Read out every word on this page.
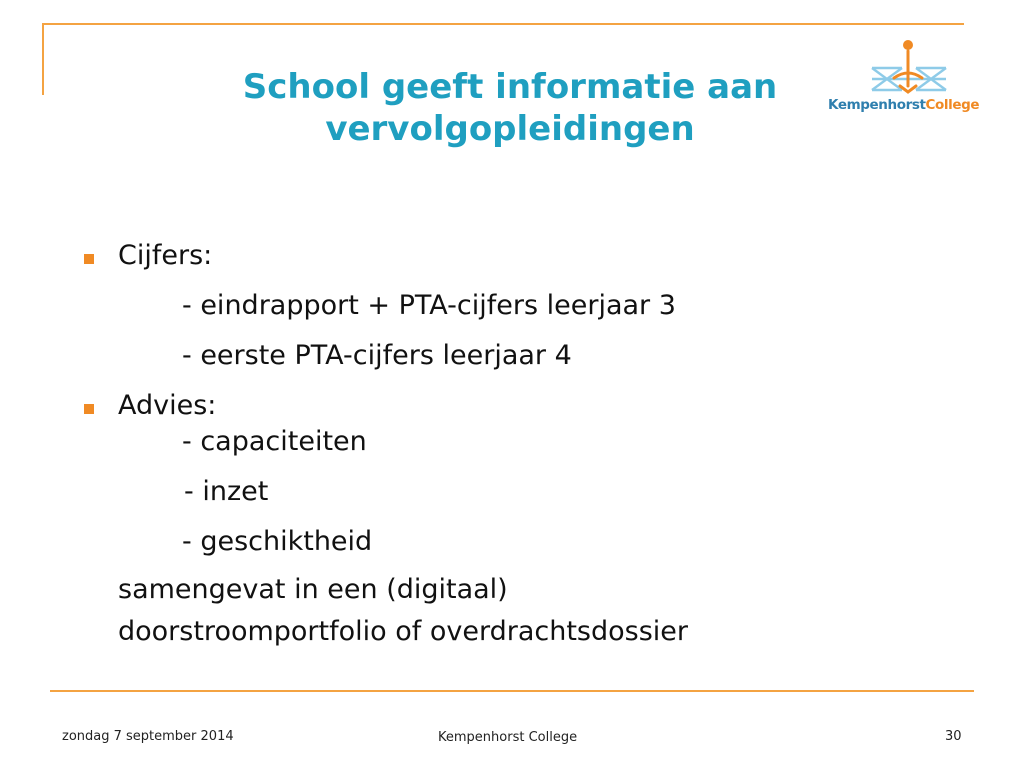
School geeft informatie aan
vervolgopleidingen
KempenhorstCollege
Cijfers:
- eindrapport + PTA-cijfers leerjaar 3
- eerste PTA-cijfers leerjaar 4
Advies:
- capaciteiten
- inzet
- geschiktheid
samengevat in een (digitaal)
doorstroomportfolio of overdrachtsdossier
zondag 7 september 2014	Kempenhorst College	30
